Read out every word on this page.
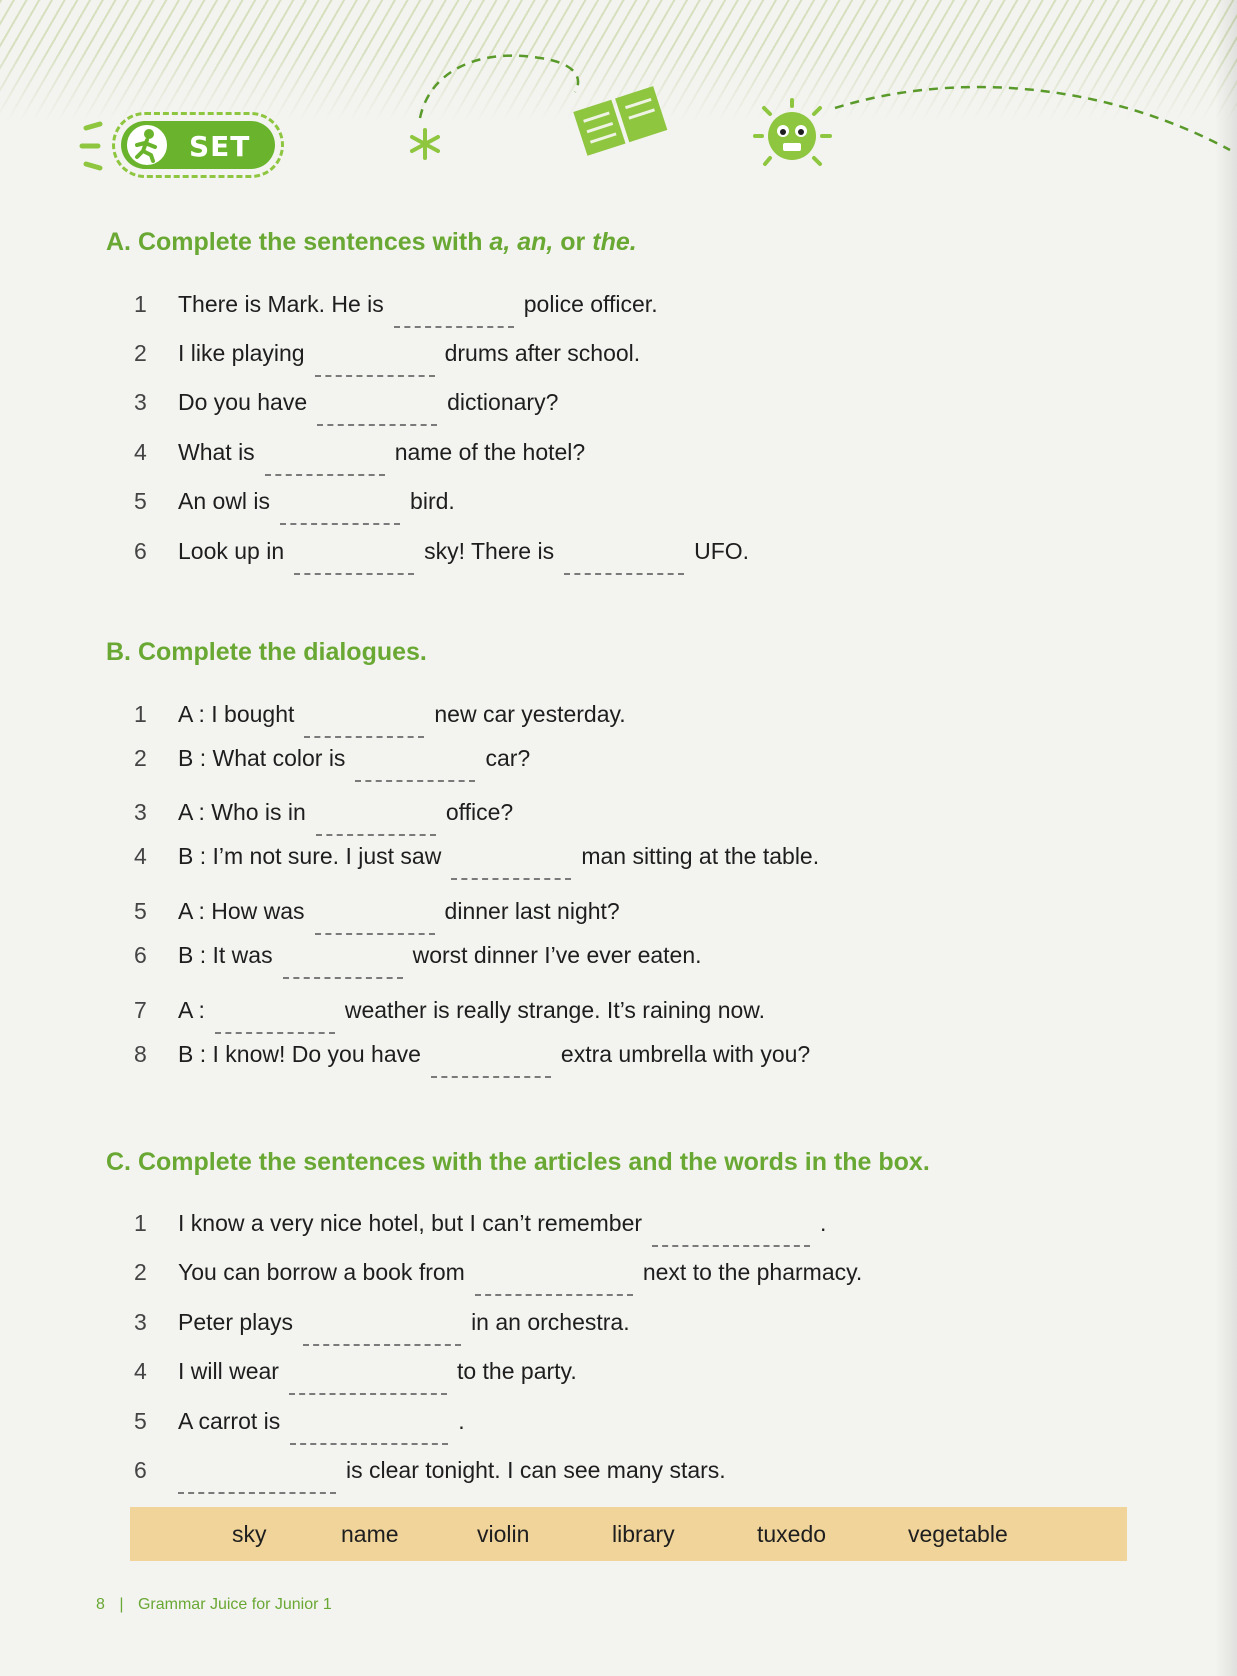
SET
A. Complete the sentences with a, an, or the.
1	There is Mark. He is	police officer.
2	I like playing	drums after school.
3	Do you have	dictionary?
4	What is	name of the hotel?
5	An owl is	bird.
6	Look up in	sky! There is	UFO.
B. Complete the dialogues.
1	A : I bought	new car yesterday.
2	B : What color is	car?
3	A : Who is in	office?
4	B : I’m not sure. I just saw	man sitting at the table.
5	A : How was	dinner last night?
6	B : It was	worst dinner I’ve ever eaten.
7	A :	weather is really strange. It’s raining now.
8	B : I know! Do you have	extra umbrella with you?
C. Complete the sentences with the articles and the words in the box.
1	I know a very nice hotel, but I can’t remember	.
2	You can borrow a book from	next to the pharmacy.
3	Peter plays	in an orchestra.
4	I will wear	to the party.
5	A carrot is	.
6	is clear tonight. I can see many stars.
sky	name	violin	library	tuxedo	vegetable
8 | Grammar Juice for Junior 1
